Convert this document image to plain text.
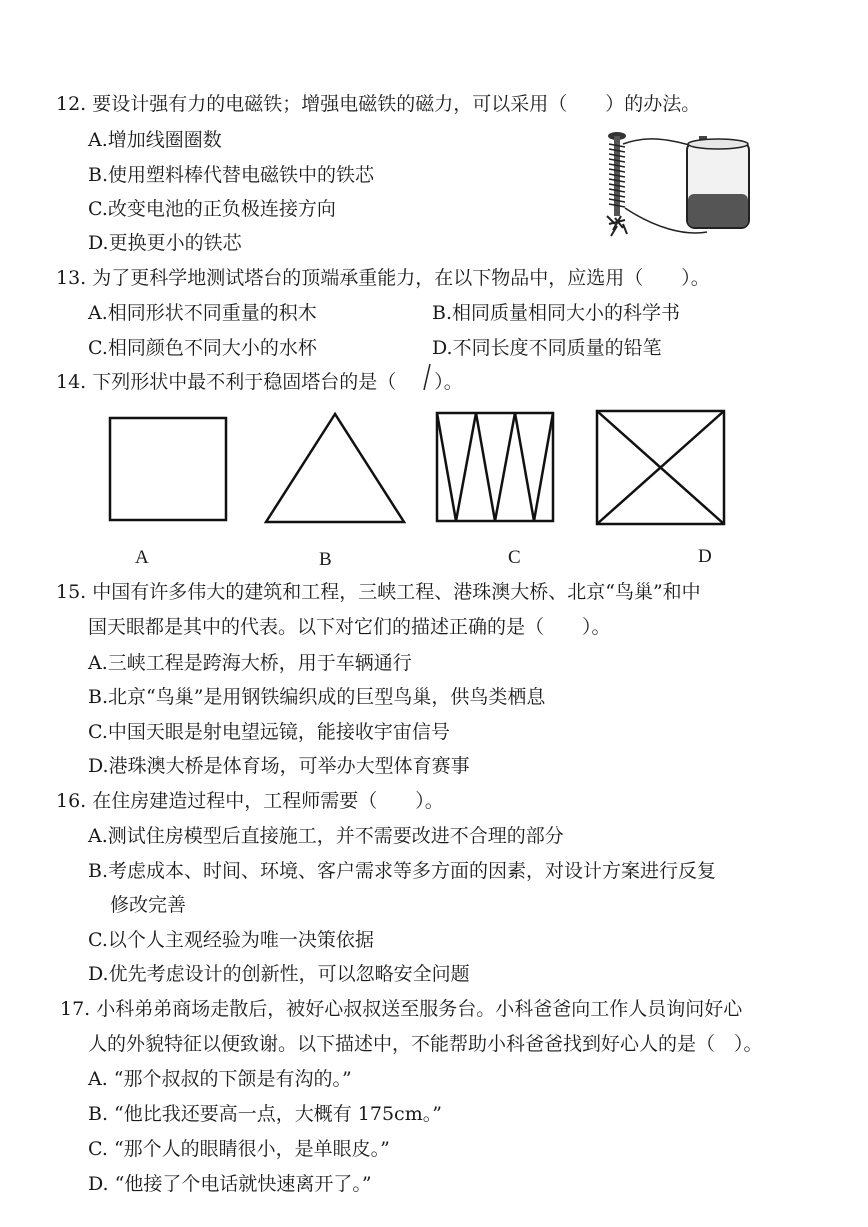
12. 要设计强有力的电磁铁；增强电磁铁的磁力，可以采用（　　）的办法。
A.增加线圈圈数
B.使用塑料棒代替电磁铁中的铁芯
C.改变电池的正负极连接方向
D.更换更小的铁芯
13. 为了更科学地测试塔台的顶端承重能力，在以下物品中，应选用（　　）。
A.相同形状不同重量的积木	B.相同质量相同大小的科学书
C.相同颜色不同大小的水杯	D.不同长度不同质量的铅笔
14. 下列形状中最不利于稳固塔台的是（　　）。
A	B	C	D
15. 中国有许多伟大的建筑和工程，三峡工程、港珠澳大桥、北京“鸟巢”和中
国天眼都是其中的代表。以下对它们的描述正确的是（　　）。
A.三峡工程是跨海大桥，用于车辆通行
B.北京“鸟巢”是用钢铁编织成的巨型鸟巢，供鸟类栖息
C.中国天眼是射电望远镜，能接收宇宙信号
D.港珠澳大桥是体育场，可举办大型体育赛事
16. 在住房建造过程中，工程师需要（　　）。
A.测试住房模型后直接施工，并不需要改进不合理的部分
B.考虑成本、时间、环境、客户需求等多方面的因素，对设计方案进行反复
修改完善
C.以个人主观经验为唯一决策依据
D.优先考虑设计的创新性，可以忽略安全问题
17. 小科弟弟商场走散后，被好心叔叔送至服务台。小科爸爸向工作人员询问好心
人的外貌特征以便致谢。以下描述中，不能帮助小科爸爸找到好心人的是（　）。
A. “那个叔叔的下颌是有沟的。”
B. “他比我还要高一点，大概有 175cm。”
C. “那个人的眼睛很小，是单眼皮。”
D. “他接了个电话就快速离开了。”
